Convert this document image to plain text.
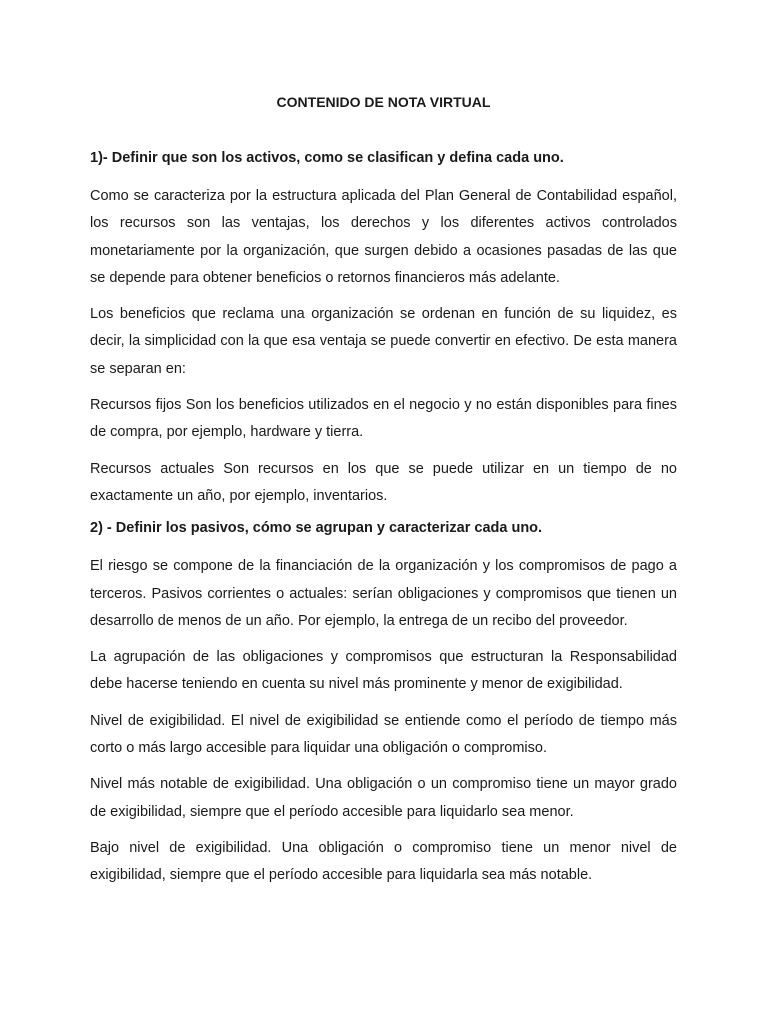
CONTENIDO DE NOTA VIRTUAL
1)- Definir que son los activos, como se clasifican y defina cada uno.

Como se caracteriza por la estructura aplicada del Plan General de Contabilidad español, los recursos son las ventajas, los derechos y los diferentes activos controlados monetariamente por la organización, que surgen debido a ocasiones pasadas de las que se depende para obtener beneficios o retornos financieros más adelante.

Los beneficios que reclama una organización se ordenan en función de su liquidez, es decir, la simplicidad con la que esa ventaja se puede convertir en efectivo. De esta manera se separan en:

Recursos fijos Son los beneficios utilizados en el negocio y no están disponibles para fines de compra, por ejemplo, hardware y tierra.

Recursos actuales Son recursos en los que se puede utilizar en un tiempo de no exactamente un año, por ejemplo, inventarios.

2) - Definir los pasivos, cómo se agrupan y caracterizar cada uno.

El riesgo se compone de la financiación de la organización y los compromisos de pago a terceros. Pasivos corrientes o actuales: serían obligaciones y compromisos que tienen un desarrollo de menos de un año. Por ejemplo, la entrega de un recibo del proveedor.

La agrupación de las obligaciones y compromisos que estructuran la Responsabilidad debe hacerse teniendo en cuenta su nivel más prominente y menor de exigibilidad.

Nivel de exigibilidad. El nivel de exigibilidad se entiende como el período de tiempo más corto o más largo accesible para liquidar una obligación o compromiso.

Nivel más notable de exigibilidad. Una obligación o un compromiso tiene un mayor grado de exigibilidad, siempre que el período accesible para liquidarlo sea menor.

Bajo nivel de exigibilidad. Una obligación o compromiso tiene un menor nivel de exigibilidad, siempre que el período accesible para liquidarla sea más notable.
